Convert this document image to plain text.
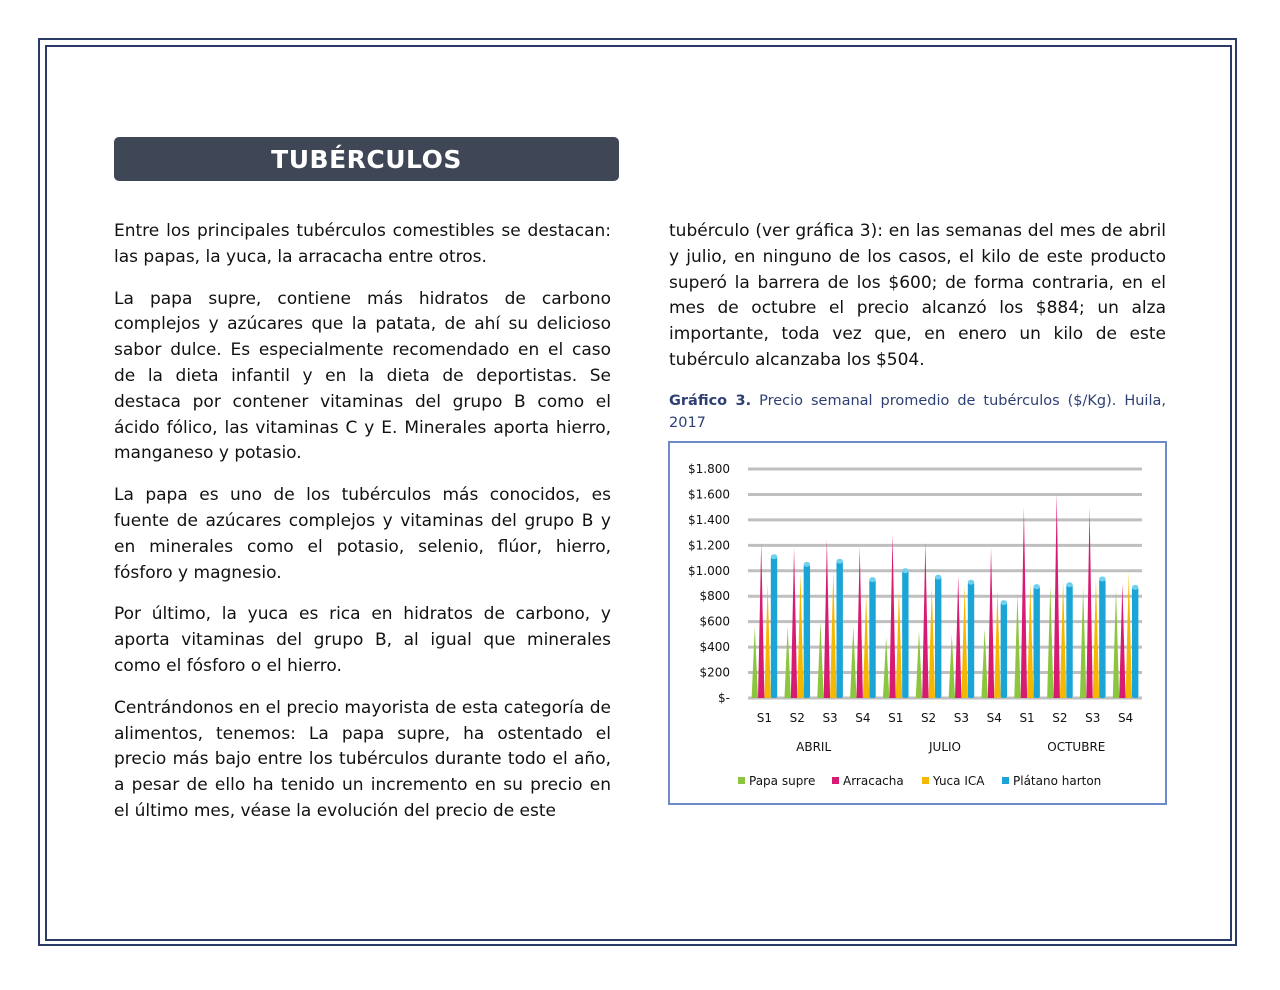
TUBÉRCULOS

Entre los principales tubérculos comestibles se destacan: las papas, la yuca, la arracacha entre otros.

La papa supre, contiene más hidratos de carbono complejos y azúcares que la patata, de ahí su delicioso sabor dulce. Es especialmente recomendado en el caso de la dieta infantil y en la dieta de deportistas. Se destaca por contener vitaminas del grupo B como el ácido fólico, las vitaminas C y E. Minerales aporta hierro, manganeso y potasio.

La papa es uno de los tubérculos más conocidos, es fuente de azúcares complejos y vitaminas del grupo B y en minerales como el potasio, selenio, flúor, hierro, fósforo y magnesio.

Por último, la yuca es rica en hidratos de carbono, y aporta vitaminas del grupo B, al igual que minerales como el fósforo o el hierro.

Centrándonos en el precio mayorista de esta categoría de alimentos, tenemos: La papa supre, ha ostentado el precio más bajo entre los tubérculos durante todo el año, a pesar de ello ha tenido un incremento en su precio en el último mes, véase la evolución del precio de este

tubérculo (ver gráfica 3): en las semanas del mes de abril y julio, en ninguno de los casos, el kilo de este producto superó la barrera de los $600; de forma contraria, en el mes de octubre el precio alcanzó los $884; un alza importante, toda vez que, en enero un kilo de este tubérculo alcanzaba los $504.

Gráfico 3. Precio semanal promedio de tubérculos ($/Kg). Huila, 2017
$-
$200
$400
$600
$800
$1.000
$1.200
$1.400
$1.600
$1.800
S1 S2 S3 S4 S1 S2 S3 S4 S1 S2 S3 S4
ABRIL	JULIO	OCTUBRE
Papa supre Arracacha Yuca ICA Plátano harton
